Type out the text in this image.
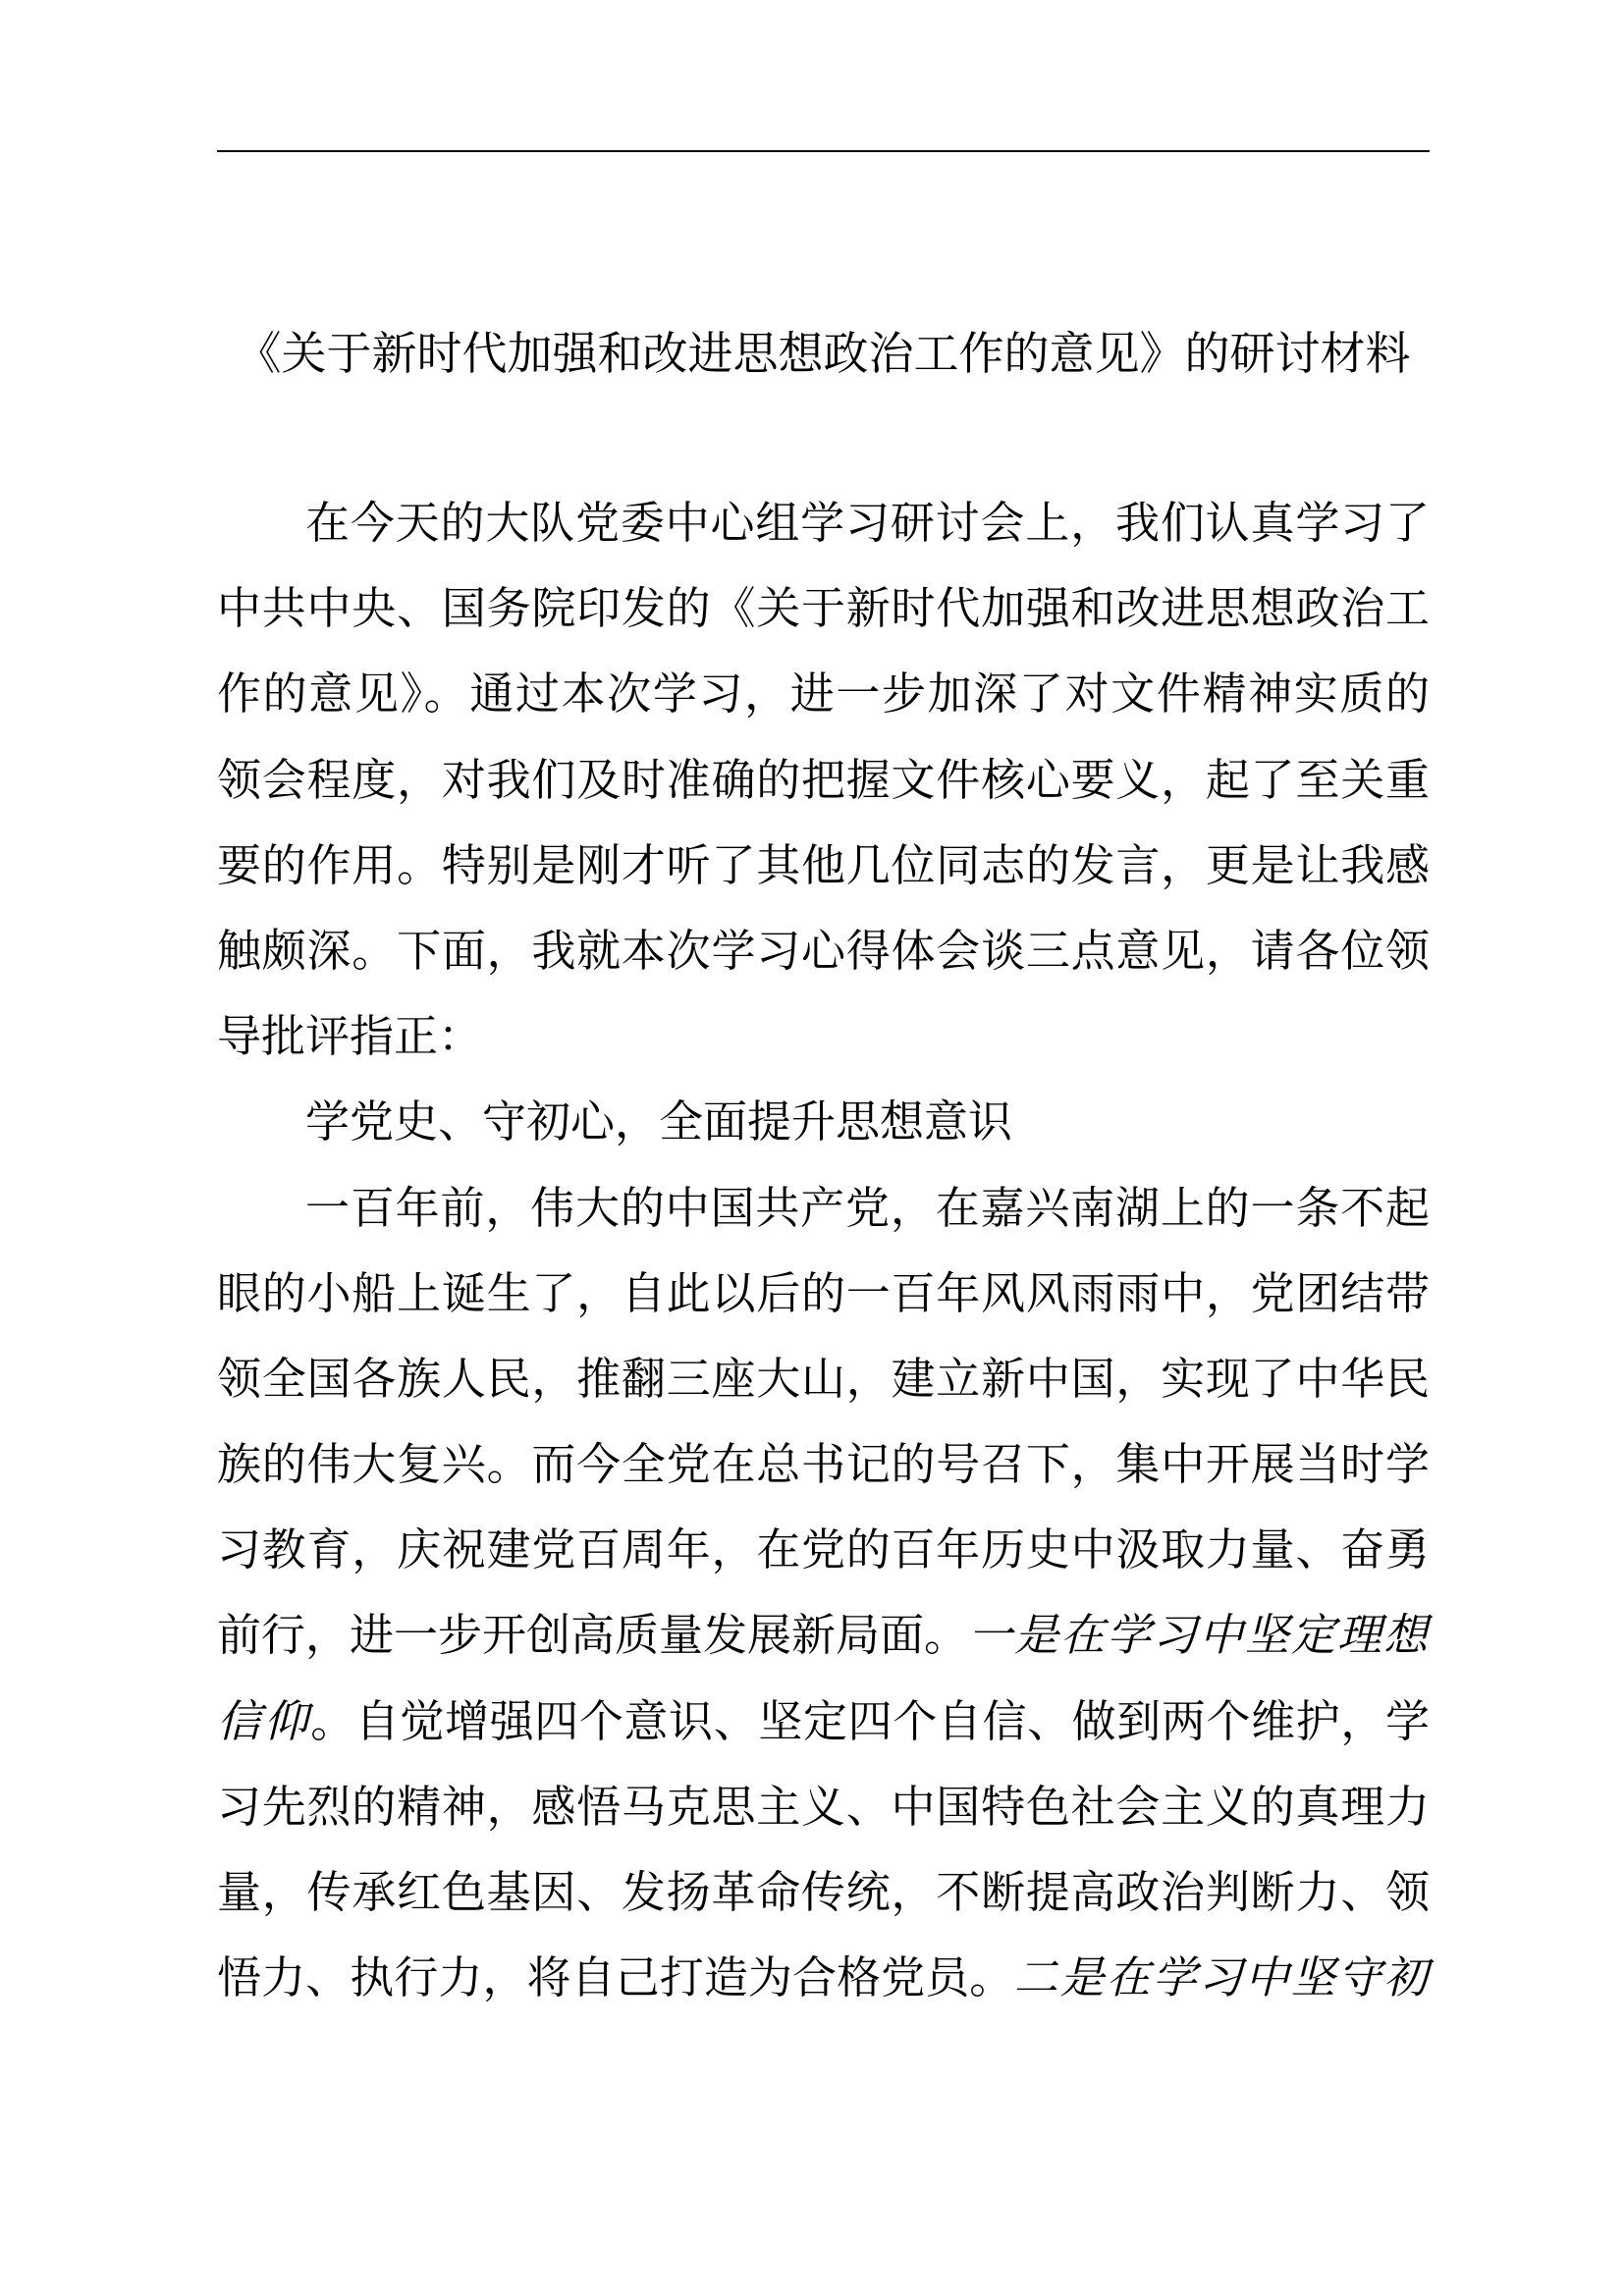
《关于新时代加强和改进思想政治工作的意见》的研讨材料
在今天的大队党委中心组学习研讨会上，我们认真学习了
中共中央、国务院印发的《关于新时代加强和改进思想政治工
作的意见》。通过本次学习，进一步加深了对文件精神实质的
领会程度，对我们及时准确的把握文件核心要义，起了至关重
要的作用。特别是刚才听了其他几位同志的发言，更是让我感
触颇深。下面，我就本次学习心得体会谈三点意见，请各位领
导批评指正：
学党史、守初心，全面提升思想意识
一百年前，伟大的中国共产党，在嘉兴南湖上的一条不起
眼的小船上诞生了，自此以后的一百年风风雨雨中，党团结带
领全国各族人民，推翻三座大山，建立新中国，实现了中华民
族的伟大复兴。而今全党在总书记的号召下，集中开展当时学
习教育，庆祝建党百周年，在党的百年历史中汲取力量、奋勇
前行，进一步开创高质量发展新局面。一是在学习中坚定理想
信仰。自觉增强四个意识、坚定四个自信、做到两个维护，学
习先烈的精神，感悟马克思主义、中国特色社会主义的真理力
量，传承红色基因、发扬革命传统，不断提高政治判断力、领
悟力、执行力，将自己打造为合格党员。二是在学习中坚守初
